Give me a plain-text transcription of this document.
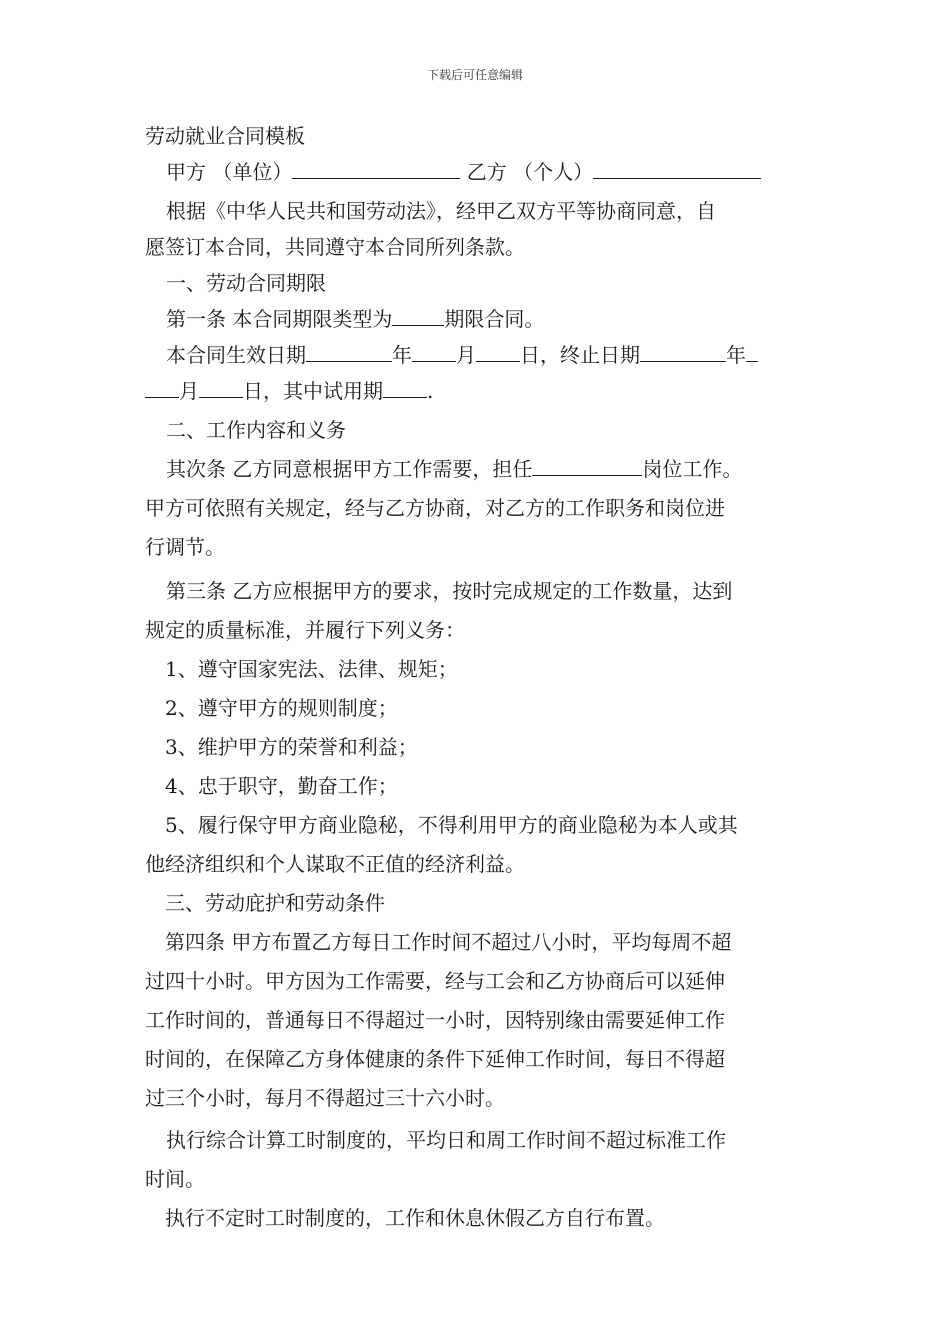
下载后可任意编辑
劳动就业合同模板
甲方 （单位）	乙方 （个人）
根据《中华人民共和国劳动法》，经甲乙双方平等协商同意，自
愿签订本合同，共同遵守本合同所列条款。
一、劳动合同期限
第一条 本合同期限类型为	期限合同。
本合同生效日期	年 月 日，终止日期	年
月 日，其中试用期 .
二、工作内容和义务
其次条 乙方同意根据甲方工作需要，担任	岗位工作。
甲方可依照有关规定，经与乙方协商，对乙方的工作职务和岗位进
行调节。
第三条 乙方应根据甲方的要求，按时完成规定的工作数量，达到
规定的质量标准，并履行下列义务：
1、遵守国家宪法、法律、规矩；
2、遵守甲方的规则制度；
3、维护甲方的荣誉和利益；
4、忠于职守，勤奋工作；
5、履行保守甲方商业隐秘，不得利用甲方的商业隐秘为本人或其
他经济组织和个人谋取不正值的经济利益。
三、劳动庇护和劳动条件
第四条 甲方布置乙方每日工作时间不超过八小时，平均每周不超
过四十小时。甲方因为工作需要，经与工会和乙方协商后可以延伸
工作时间的，普通每日不得超过一小时，因特别缘由需要延伸工作
时间的，在保障乙方身体健康的条件下延伸工作时间，每日不得超
过三个小时，每月不得超过三十六小时。
执行综合计算工时制度的，平均日和周工作时间不超过标准工作
时间。
执行不定时工时制度的，工作和休息休假乙方自行布置。
